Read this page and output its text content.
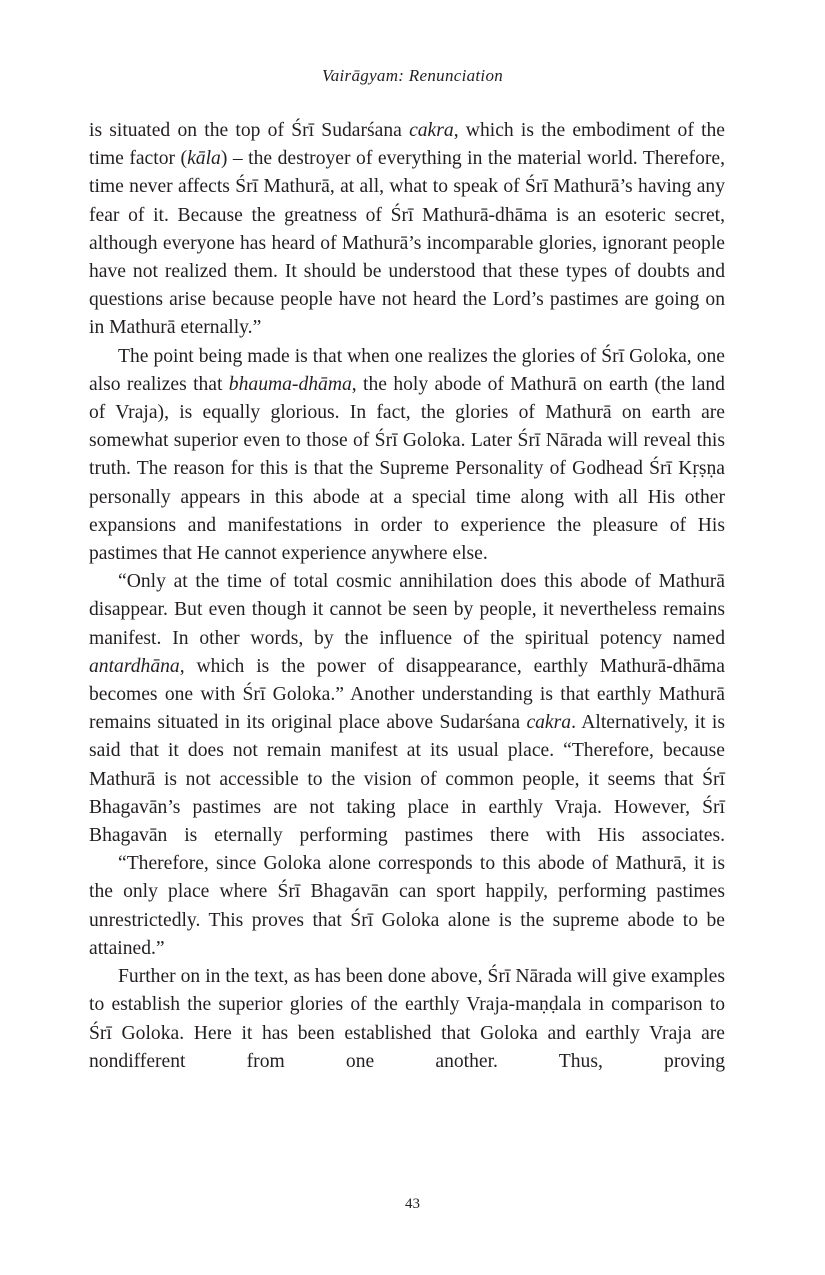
Vairāgyam: Renunciation

is situated on the top of Śrī Sudarśana cakra, which is the embodiment of the time factor (kāla) – the destroyer of everything in the material world. Therefore, time never affects Śrī Mathurā, at all, what to speak of Śrī Mathurā’s having any fear of it. Because the greatness of Śrī Mathurā-dhāma is an esoteric secret, although everyone has heard of Mathurā’s incomparable glories, ignorant people have not realized them. It should be understood that these types of doubts and questions arise because people have not heard the Lord’s pastimes are going on in Mathurā eternally.”

The point being made is that when one realizes the glories of Śrī Goloka, one also realizes that bhauma-dhāma, the holy abode of Mathurā on earth (the land of Vraja), is equally glorious. In fact, the glories of Mathurā on earth are somewhat superior even to those of Śrī Goloka. Later Śrī Nārada will reveal this truth. The reason for this is that the Supreme Personality of Godhead Śrī Kṛṣṇa personally appears in this abode at a special time along with all His other expansions and manifestations in order to experience the pleasure of His pastimes that He cannot experience anywhere else.

“Only at the time of total cosmic annihilation does this abode of Mathurā disappear. But even though it cannot be seen by people, it nevertheless remains manifest. In other words, by the influence of the spiritual potency named antardhāna, which is the power of disappearance, earthly Mathurā-dhāma becomes one with Śrī Goloka.” Another understanding is that earthly Mathurā remains situated in its original place above Sudarśana cakra. Alternatively, it is said that it does not remain manifest at its usual place. “Therefore, because Mathurā is not accessible to the vision of common people, it seems that Śrī Bhagavān’s pastimes are not taking place in earthly Vraja. However, Śrī Bhagavān is eternally performing pastimes there with His associates.

“Therefore, since Goloka alone corresponds to this abode of Mathurā, it is the only place where Śrī Bhagavān can sport happily, performing pastimes unrestrictedly. This proves that Śrī Goloka alone is the supreme abode to be attained.”

Further on in the text, as has been done above, Śrī Nārada will give examples to establish the superior glories of the earthly Vraja-maṇḍala in comparison to Śrī Goloka. Here it has been established that Goloka and earthly Vraja are nondifferent from one another. Thus, proving

43
